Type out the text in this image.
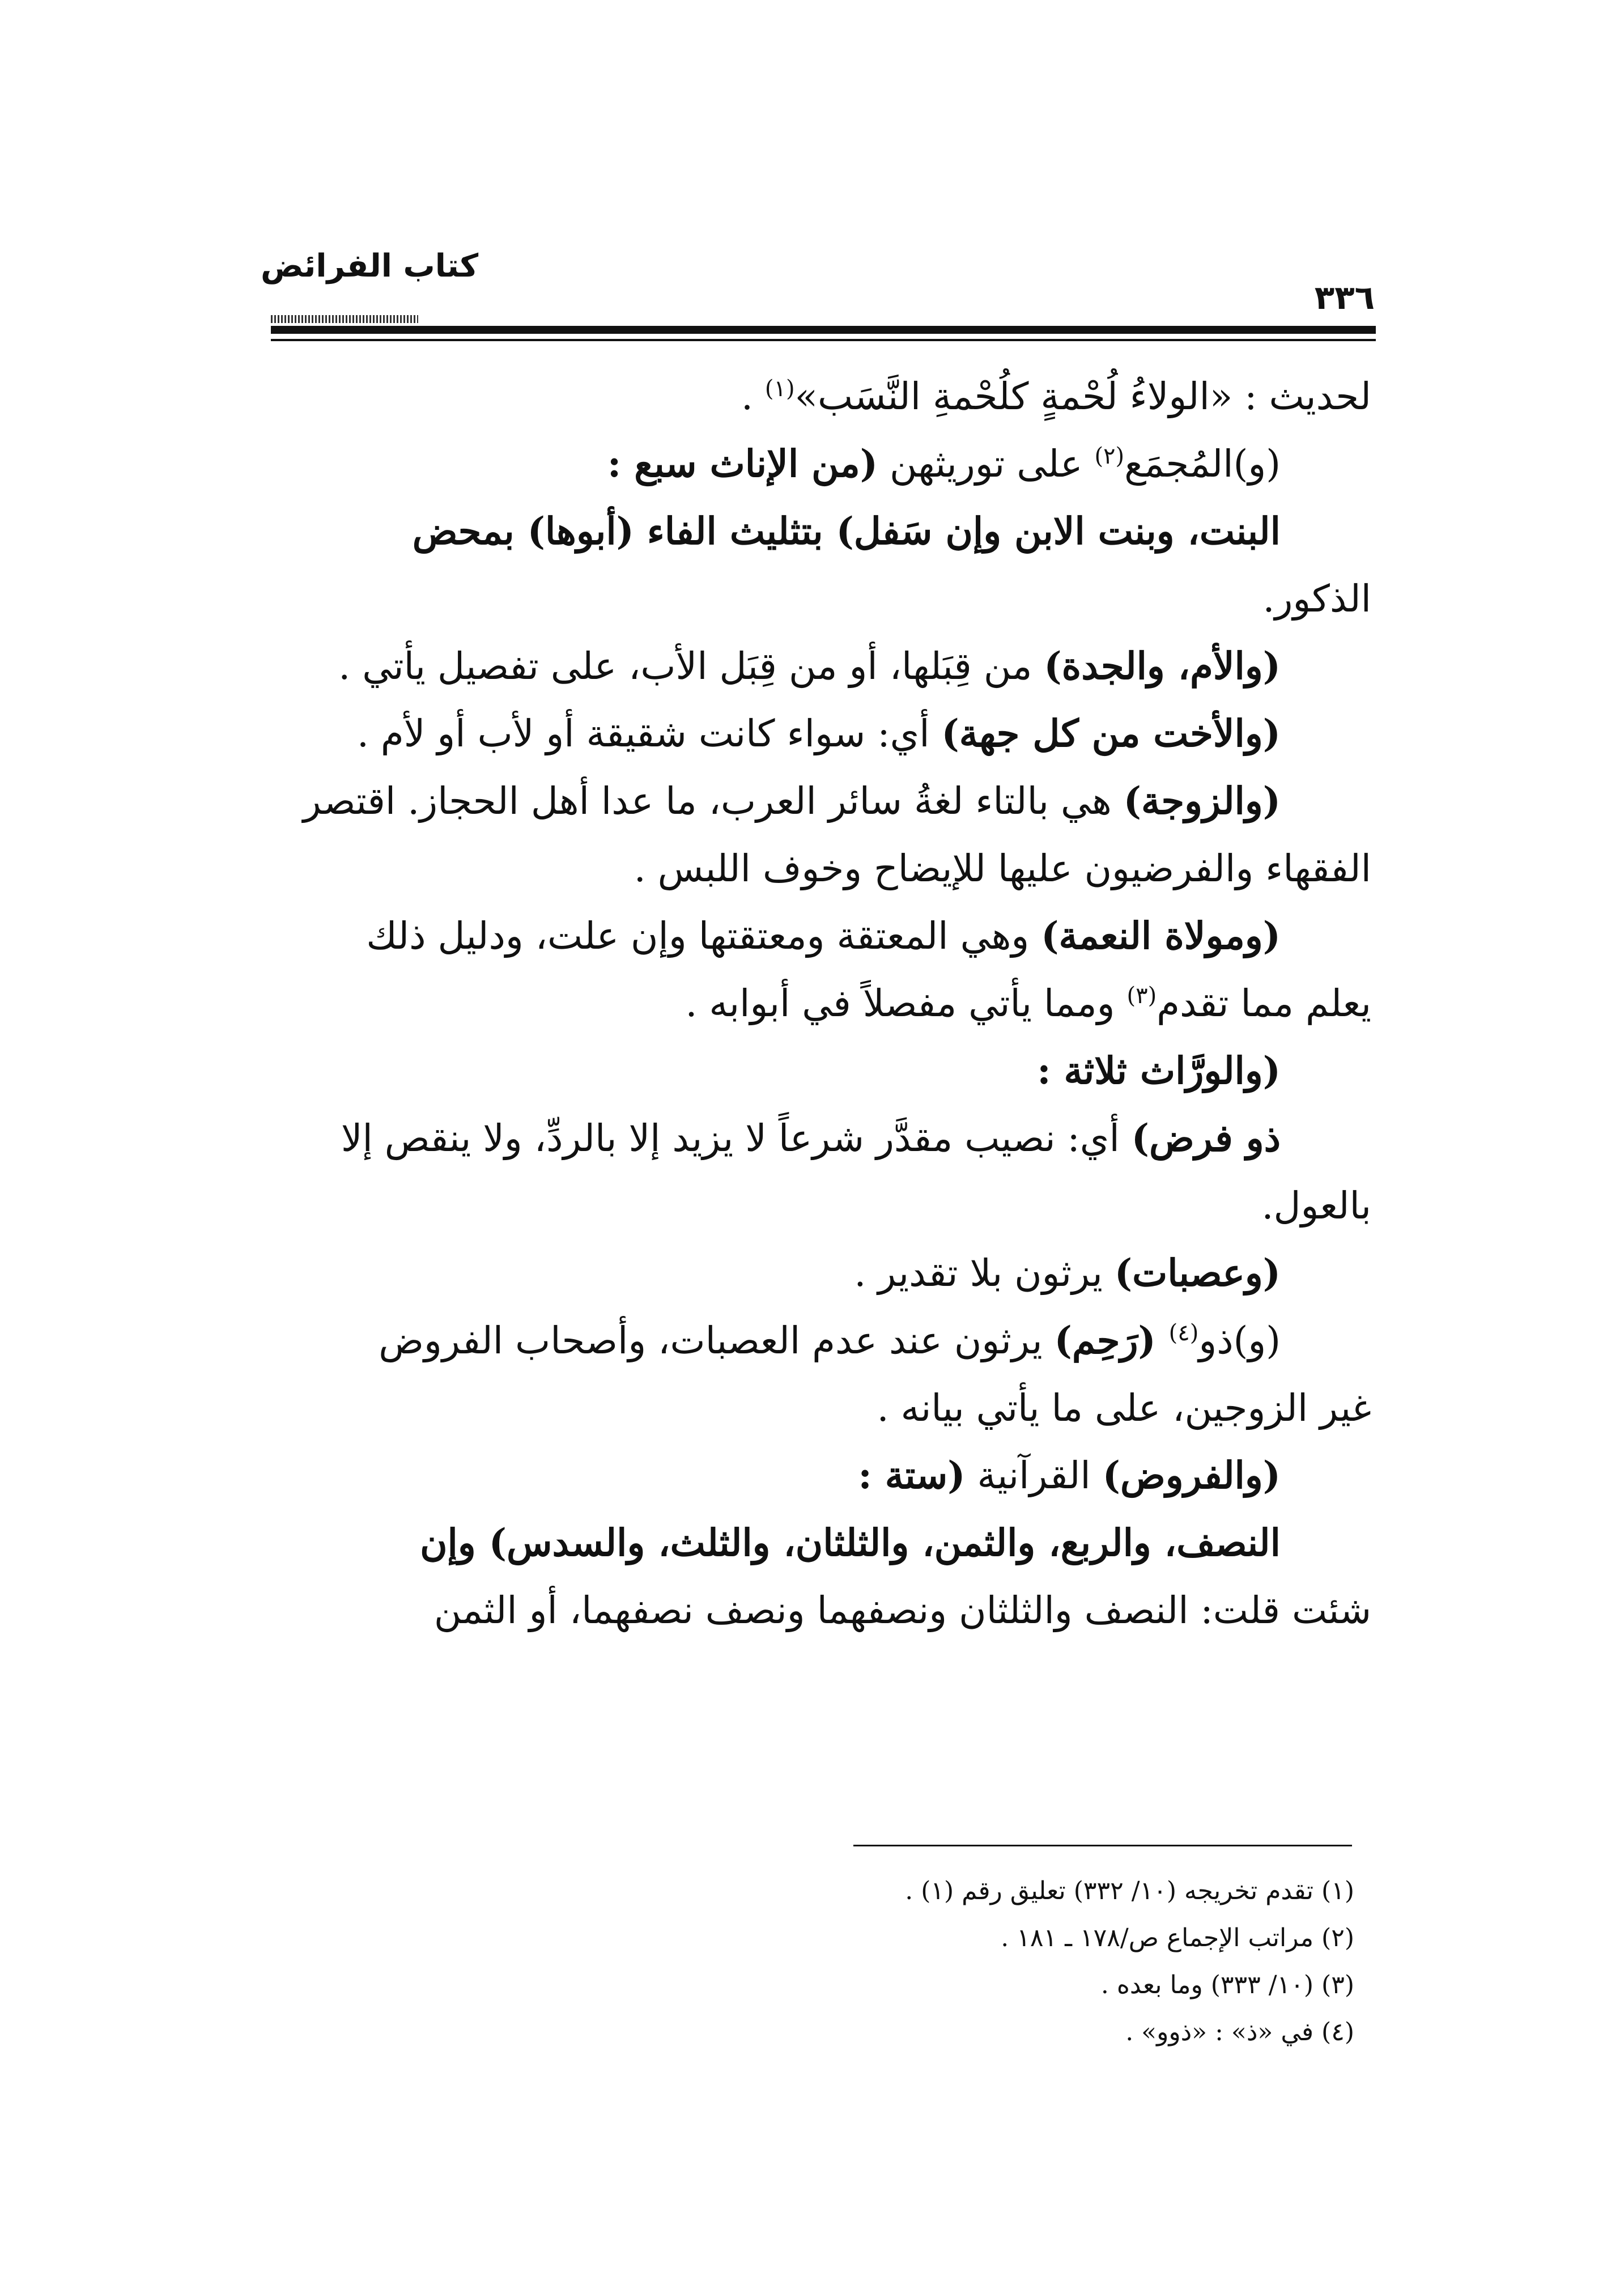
كتاب الفرائض
٣٣٦

لحديث : «الولاءُ لُحْمةٍ كلُحْمةِ النَّسَب»$^{(١)}$ .

(و)المُجمَع$^{(٢)}$ على توريثهن (من الإناث سبع :

البنت، وبنت الابن وإن سَفل) بتثليث الفاء (أبوها) بمحض

الذكور.

(والأم، والجدة) من قِبَلها، أو من قِبَل الأب، على تفصيل يأتي .

(والأخت من كل جهة) أي: سواء كانت شقيقة أو لأب أو لأم .

(والزوجة) هي بالتاء لغةُ سائر العرب، ما عدا أهل الحجاز. اقتصر

الفقهاء والفرضيون عليها للإيضاح وخوف اللبس .

(ومولاة النعمة) وهي المعتقة ومعتقتها وإن علت، ودليل ذلك

يعلم مما تقدم$^{(٣)}$ ومما يأتي مفصلاً في أبوابه .

(والورَّاث ثلاثة :

ذو فرض) أي: نصيب مقدَّر شرعاً لا يزيد إلا بالردِّ، ولا ينقص إلا

بالعول.

(وعصبات) يرثون بلا تقدير .

(و)ذو$^{(٤)}$ (رَحِم) يرثون عند عدم العصبات، وأصحاب الفروض

غير الزوجين، على ما يأتي بيانه .

(والفروض) القرآنية (ستة :

النصف، والربع، والثمن، والثلثان، والثلث، والسدس) وإن

شئت قلت: النصف والثلثان ونصفهما ونصف نصفهما، أو الثمن

(١) تقدم تخريجه (١٠/ ٣٣٢) تعليق رقم (١) .

(٢) مراتب الإجماع ص/١٧٨ ـ ١٨١ .

(٣) (١٠/ ٣٣٣) وما بعده .

(٤) في «ذ» : «ذوو» .
